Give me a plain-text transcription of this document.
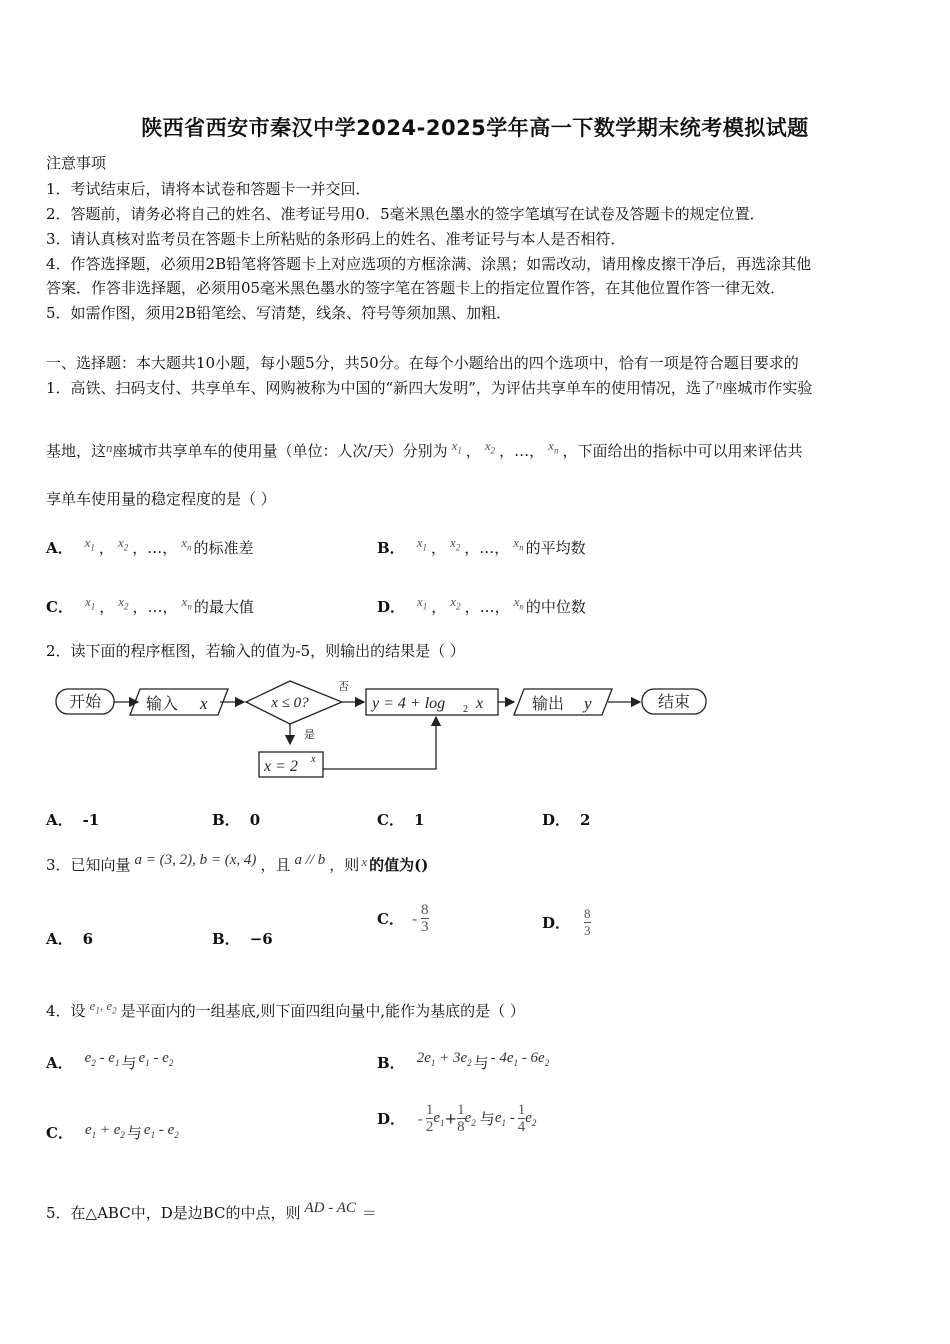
陕西省西安市秦汉中学2024-2025学年高一下数学期末统考模拟试题
注意事项
1．考试结束后，请将本试卷和答题卡一并交回．
2．答题前，请务必将自己的姓名、准考证号用0．5毫米黑色墨水的签字笔填写在试卷及答题卡的规定位置．
3．请认真核对监考员在答题卡上所粘贴的条形码上的姓名、准考证号与本人是否相符．
4．作答选择题，必须用2B铅笔将答题卡上对应选项的方框涂满、涂黑；如需改动，请用橡皮擦干净后，再选涂其他
答案．作答非选择题，必须用05毫米黑色墨水的签字笔在答题卡上的指定位置作答，在其他位置作答一律无效．
5．如需作图，须用2B铅笔绘、写清楚，线条、符号等须加黑、加粗．
一、选择题：本大题共10小题，每小题5分，共50分。在每个小题给出的四个选项中，恰有一项是符合题目要求的
1．高铁、扫码支付、共享单车、网购被称为中国的“新四大发明”，为评估共享单车的使用情况，选了n座城市作实验
基地，这n座城市共享单车的使用量（单位：人次/天）分别为 $x_1$ ， $x_2$ ，…， $x_n$ ，下面给出的指标中可以用来评估共
享单车使用量的稳定程度的是（ ）
A． $x_1$ ， $x_2$ ，…， $x_n$ 的标准差	B． $x_1$ ， $x_2$ ，…， $x_n$ 的平均数
C． $x_1$ ， $x_2$ ，…， $x_n$ 的最大值	D． $x_1$ ， $x_2$ ，…， $x_n$ 的中位数
2．读下面的程序框图，若输入的值为-5，则输出的结果是（ ）
开始	输入 x	x ≤ 0?
否
y = 4 + log 2 x	输出 y	结束
是
x = 2 x
A． -1	B． 0	C． 1	D． 2
3．已知向量 a = (3, 2), b = (x, 4) ，且 a // b ，则 x 的值为()
A． 6	B． −6
C． - $\frac{8}{3}$	D． $\frac{8}{3}$
4．设 $e_1$, $e_2$ 是平面内的一组基底,则下面四组向量中,能作为基底的是（ ）
A． $e_2 - e_1$ 与 $e_1 - e_2$	B． $2e_1 + 3e_2$ 与 - $4e_1 - 6e_2$
C． $e_1 + e_2$ 与 $e_1 - e_2$
D． - $\frac{1}{2} e_1+ \frac{1}{8} e_2$ 与$e_1 - \frac{1}{4} e_2$
5．在△ABC中，D是边BC的中点，则 AD - AC ＝
